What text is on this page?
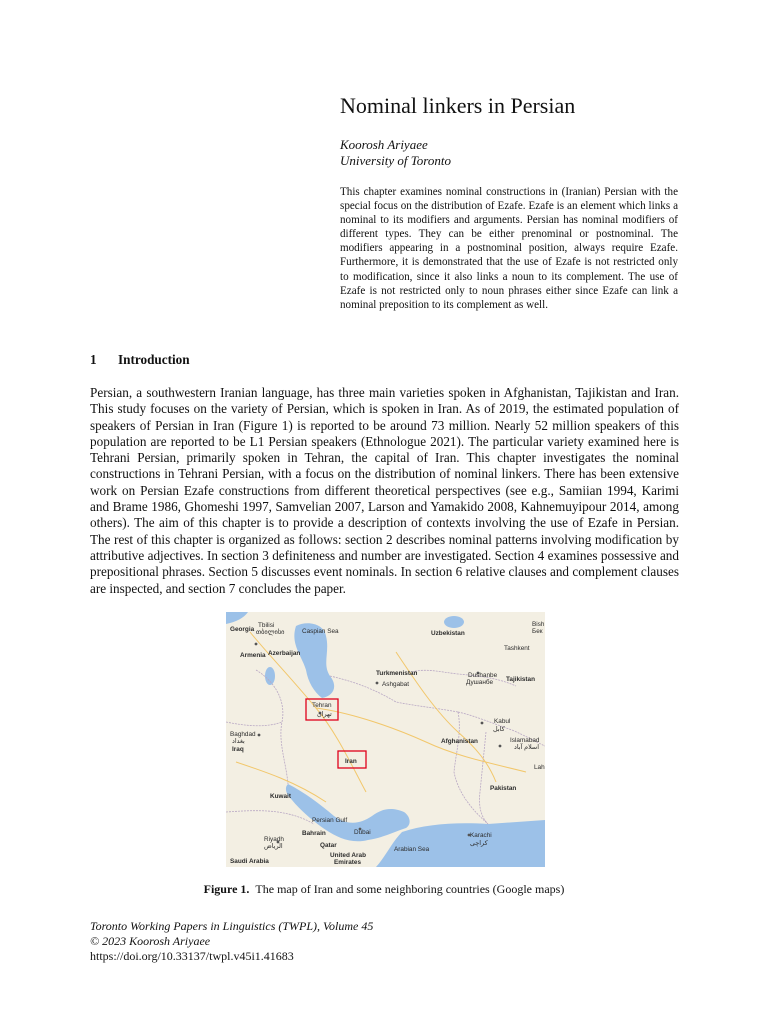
Nominal linkers in Persian
Koorosh Ariyaee
University of Toronto
This chapter examines nominal constructions in (Iranian) Persian with the special focus on the distribution of Ezafe. Ezafe is an element which links a nominal to its modifiers and arguments. Persian has nominal modifiers of different types. They can be either prenominal or postnominal. The modifiers appearing in a postnominal position, always require Ezafe. Furthermore, it is demonstrated that the use of Ezafe is not restricted only to modification, since it also links a noun to its complement. The use of Ezafe is not restricted only to noun phrases either since Ezafe can link a nominal preposition to its complement as well.
1 Introduction
Persian, a southwestern Iranian language, has three main varieties spoken in Afghanistan, Tajikistan and Iran. This study focuses on the variety of Persian, which is spoken in Iran. As of 2019, the estimated population of speakers of Persian in Iran (Figure 1) is reported to be around 73 million. Nearly 52 million speakers of this population are reported to be L1 Persian speakers (Ethnologue 2021). The particular variety examined here is Tehrani Persian, primarily spoken in Tehran, the capital of Iran. This chapter investigates the nominal constructions in Tehrani Persian, with a focus on the distribution of nominal linkers. There has been extensive work on Persian Ezafe constructions from different theoretical perspectives (see e.g., Samiian 1994, Karimi and Brame 1986, Ghomeshi 1997, Samvelian 2007, Larson and Yamakido 2008, Kahnemuyipour 2014, among others). The aim of this chapter is to provide a description of contexts involving the use of Ezafe in Persian. The rest of this chapter is organized as follows: section 2 describes nominal patterns involving modification by attributive adjectives. In section 3 definiteness and number are investigated. Section 4 examines possessive and prepositional phrases. Section 5 discusses event nominals. In section 6 relative clauses and complement clauses are inspected, and section 7 concludes the paper.
Georgia
Tbilisi
თბილისი
Armenia Azerbaijan
Caspian Sea	Uzbekistan
Bish
Бек
Tashkent
Turkmenistan
Ashgabat
Dushanbe
Душанбе Tajikistan
Tehran
تهران
Kabul
کابل
Baghdad
بغداد
Iraq
Afghanistan	Islamabad
اسلام آباد
Iran
Lah
Kuwait
Pakistan
Persian Gulf
Riyadh
الرياض
Bahrain	Dubai
Qatar
Karachi
کراچی
Saudi Arabia
United Arab
Emirates
Arabian Sea
Figure 1. The map of Iran and some neighboring countries (Google maps)
Toronto Working Papers in Linguistics (TWPL), Volume 45
© 2023 Koorosh Ariyaee
https://doi.org/10.33137/twpl.v45i1.41683
